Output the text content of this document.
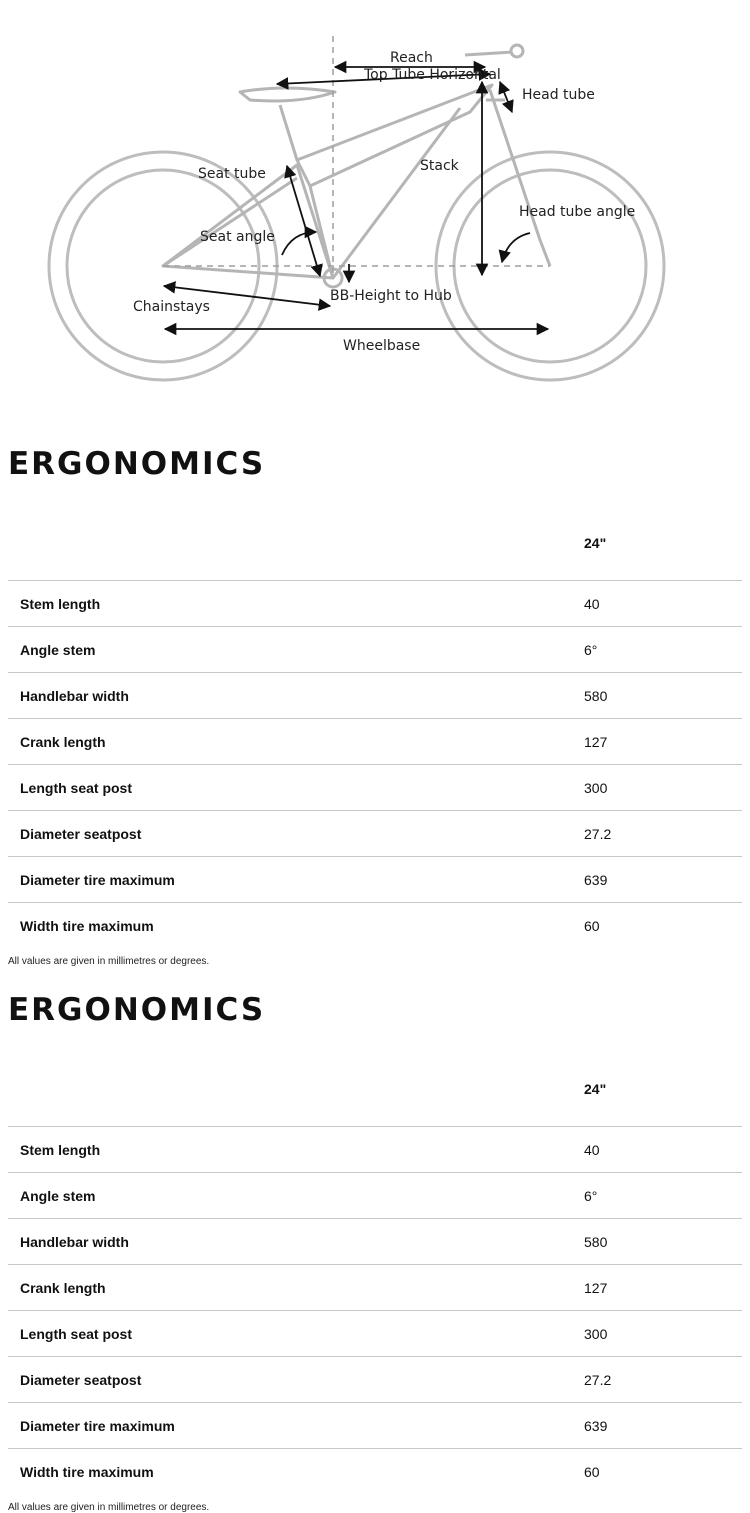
Reach
Top Tube Horizontal
Head tube
Seat tube	Stack
Head tube angle
Seat angle
BB-Height to Hub
Chainstays
Wheelbase
ERGONOMICS
24"
Stem length	40
Angle stem	6°
Handlebar width	580
Crank length	127
Length seat post	300
Diameter seatpost	27.2
Diameter tire maximum	639
Width tire maximum	60
All values are given in millimetres or degrees.
ERGONOMICS
24"
Stem length	40
Angle stem	6°
Handlebar width	580
Crank length	127
Length seat post	300
Diameter seatpost	27.2
Diameter tire maximum	639
Width tire maximum	60
All values are given in millimetres or degrees.
